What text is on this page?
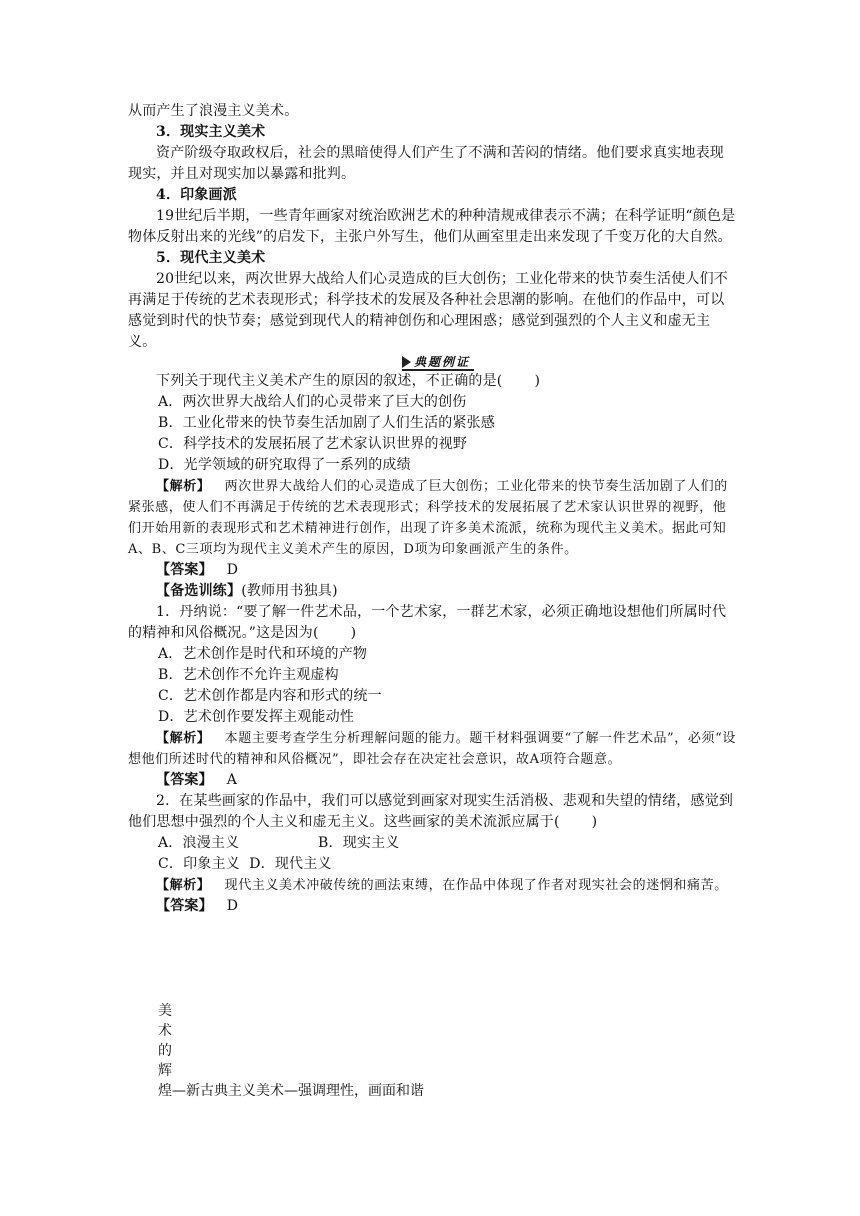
从而产生了浪漫主义美术。

3．现实主义美术

资产阶级夺取政权后，社会的黑暗使得人们产生了不满和苦闷的情绪。他们要求真实地表现现实，并且对现实加以暴露和批判。

4．印象画派

19世纪后半期，一些青年画家对统治欧洲艺术的种种清规戒律表示不满；在科学证明“颜色是物体反射出来的光线”的启发下，主张户外写生，他们从画室里走出来发现了千变万化的大自然。

5．现代主义美术

20世纪以来，两次世界大战给人们心灵造成的巨大创伤；工业化带来的快节奏生活使人们不再满足于传统的艺术表现形式；科学技术的发展及各种社会思潮的影响。在他们的作品中，可以感觉到时代的快节奏；感觉到现代人的精神创伤和心理困惑；感觉到强烈的个人主义和虚无主义。

典题例证

下列关于现代主义美术产生的原因的叙述，不正确的是( )

A．两次世界大战给人们的心灵带来了巨大的创伤

B．工业化带来的快节奏生活加剧了人们生活的紧张感

C．科学技术的发展拓展了艺术家认识世界的视野

D．光学领域的研究取得了一系列的成绩

【解析】 两次世界大战给人们的心灵造成了巨大创伤；工业化带来的快节奏生活加剧了人们的紧张感，使人们不再满足于传统的艺术表现形式；科学技术的发展拓展了艺术家认识世界的视野，他们开始用新的表现形式和艺术精神进行创作，出现了许多美术流派，统称为现代主义美术。据此可知A、B、C三项均为现代主义美术产生的原因，D项为印象画派产生的条件。

【答案】 D

【备选训练】(教师用书独具)

1．丹纳说：“要了解一件艺术品，一个艺术家，一群艺术家，必须正确地设想他们所属时代的精神和风俗概况。”这是因为( )

A．艺术创作是时代和环境的产物

B．艺术创作不允许主观虚构

C．艺术创作都是内容和形式的统一

D．艺术创作要发挥主观能动性

【解析】 本题主要考查学生分析理解问题的能力。题干材料强调要“了解一件艺术品”，必须“设想他们所述时代的精神和风俗概况”，即社会存在决定社会意识，故A项符合题意。

【答案】 A

2．在某些画家的作品中，我们可以感觉到画家对现实生活消极、悲观和失望的情绪，感觉到他们思想中强烈的个人主义和虚无主义。这些画家的美术流派应属于( )

A．浪漫主义	B．现实主义

C．印象主义 D．现代主义

【解析】 现代主义美术冲破传统的画法束缚，在作品中体现了作者对现实社会的迷惘和痛苦。

【答案】 D

美
术
的
辉
煌—新古典主义美术—强调理性，画面和谐
